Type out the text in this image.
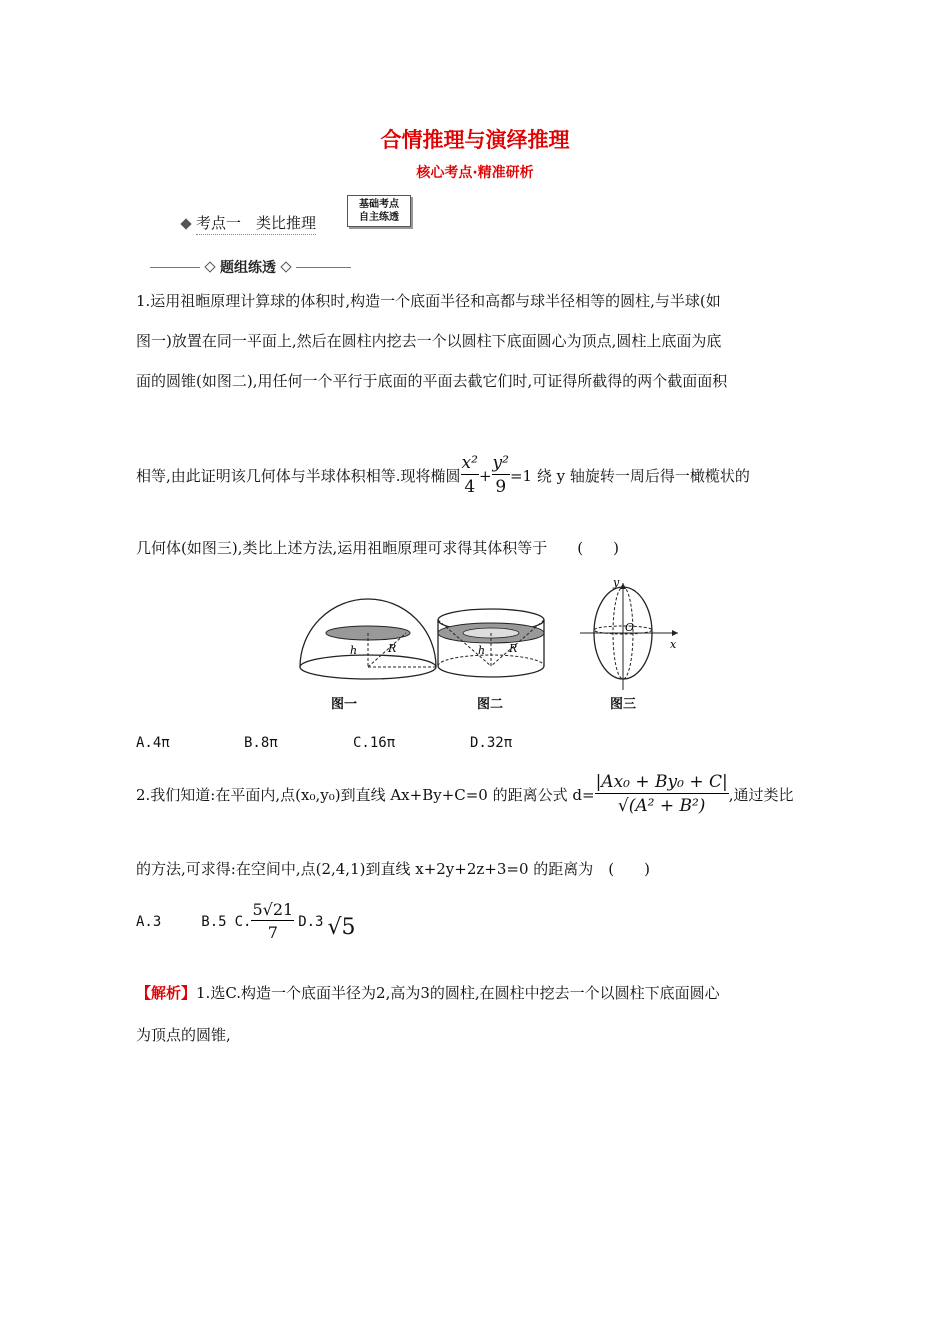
合情推理与演绎推理
核心考点·精准研析
考点一　类比推理
基础考点
自主练透
题组练透
1.运用祖暅原理计算球的体积时,构造一个底面半径和高都与球半径相等的圆柱,与半球(如
图一)放置在同一平面上,然后在圆柱内挖去一个以圆柱下底面圆心为顶点,圆柱上底面为底
面的圆锥(如图二),用任何一个平行于底面的平面去截它们时,可证得所截得的两个截面面积
相等,由此证明该几何体与半球体积相等.现将椭圆 $\frac{\text{x²}}{4} + \frac{\text{y²}}{9} =1$ 绕 y 轴旋转一周后得一橄榄状的
几何体(如图三),类比上述方法,运用祖暅原理可求得其体积等于　　(　　)
h	R	h R
y
x
O
图一	图二	图三
A.4π	B.8π	C.16π	D.32π
2.我们知道:在平面内,点(x₀,y₀)到直线 Ax+By+C=0 的距离公式 $d= \frac{\text{|Ax₀ + By₀ + C|}}{\text{√(A² + B²)}}$ ,通过类比
的方法,可求得:在空间中,点(2,4,1)到直线 x+2y+2z+3=0 的距离为　(　　)
A.3	B.5 C. $\frac{5√21}{7} D.3$ √5
【解析】1.选C.构造一个底面半径为2,高为3的圆柱,在圆柱中挖去一个以圆柱下底面圆心
为顶点的圆锥,
